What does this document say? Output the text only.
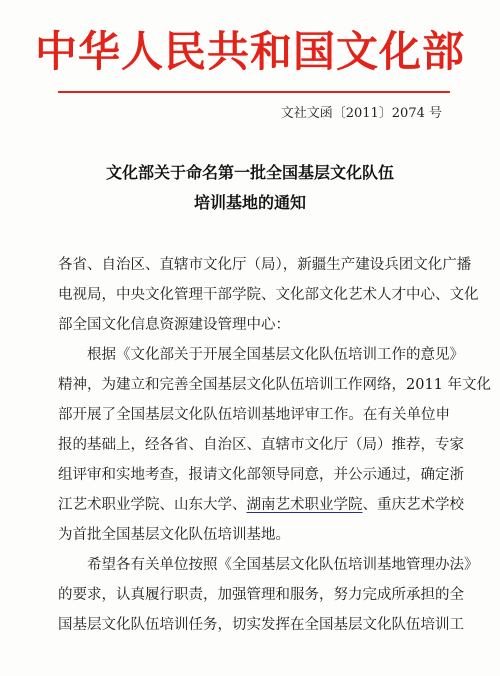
中华人民共和国文化部
文社文函〔2011〕2074 号
文化部关于命名第一批全国基层文化队伍
培训基地的通知
各省、自治区、直辖市文化厅（局），新疆生产建设兵团文化广播
电视局，中央文化管理干部学院、文化部文化艺术人才中心、文化
部全国文化信息资源建设管理中心：
　　根据《文化部关于开展全国基层文化队伍培训工作的意见》
精神，为建立和完善全国基层文化队伍培训工作网络，2011 年文化
部开展了全国基层文化队伍培训基地评审工作。在有关单位申
报的基础上，经各省、自治区、直辖市文化厅（局）推荐，专家
组评审和实地考查，报请文化部领导同意，并公示通过，确定浙
江艺术职业学院、山东大学、湖南艺术职业学院、重庆艺术学校
为首批全国基层文化队伍培训基地。
　　希望各有关单位按照《全国基层文化队伍培训基地管理办法》
的要求，认真履行职责，加强管理和服务，努力完成所承担的全
国基层文化队伍培训任务，切实发挥在全国基层文化队伍培训工
